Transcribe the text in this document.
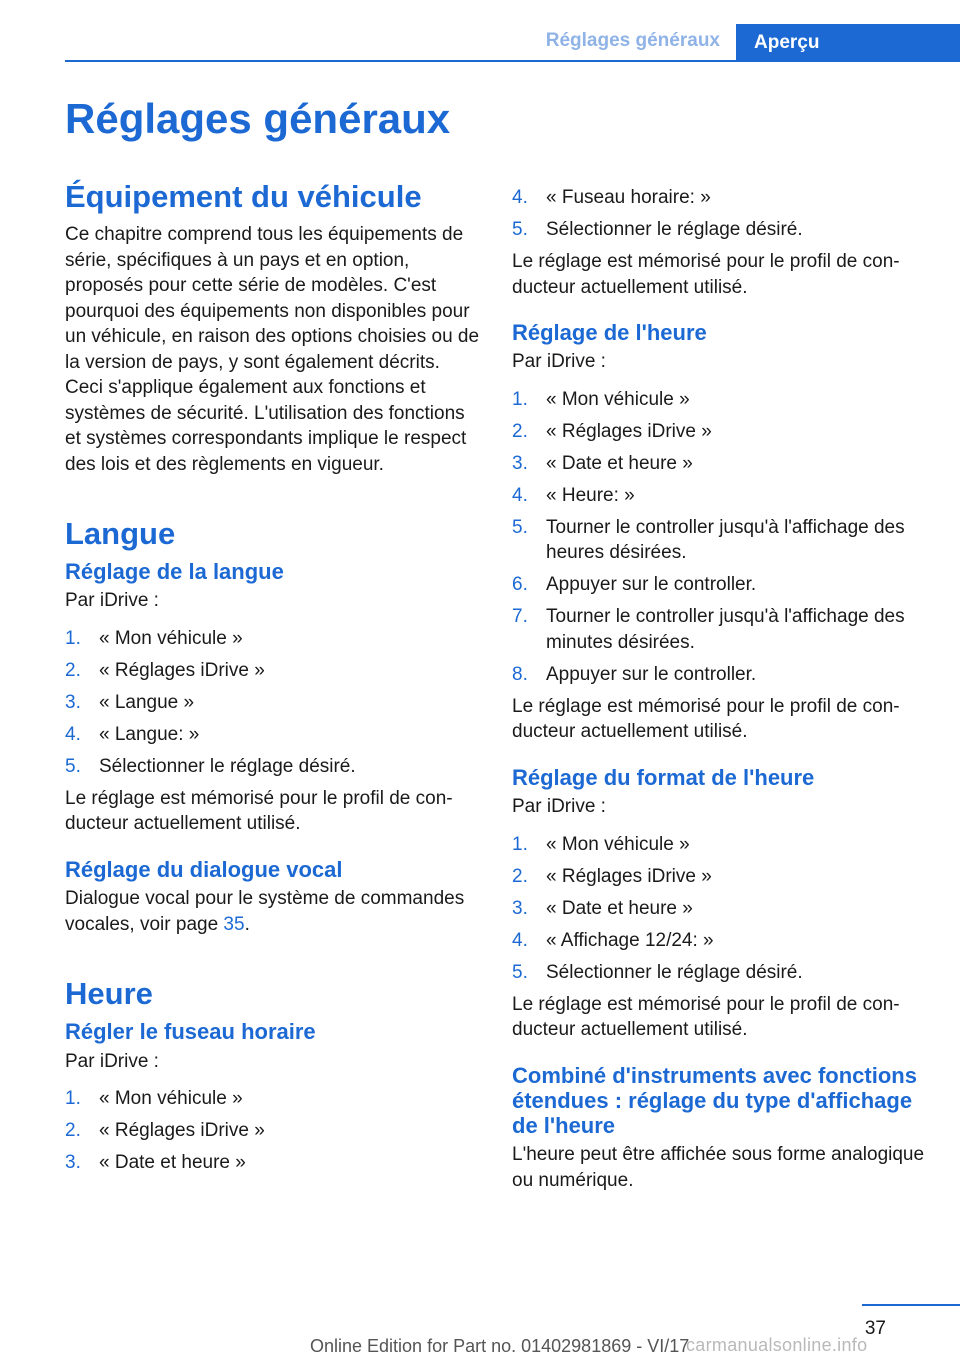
Réglages généraux	Aperçu
Réglages généraux
Équipement du véhicule

Ce chapitre comprend tous les équipements de série, spécifiques à un pays et en option, proposés pour cette série de modèles. C'est pourquoi des équipements non disponibles pour un véhicule, en raison des options choisies ou de la version de pays, y sont également décrits. Ceci s'applique également aux fonctions et systèmes de sécurité. L'utilisation des fonctions et systèmes correspondants implique le respect des lois et des règlements en vigueur.

Langue
Réglage de la langue

Par iDrive :

1. « Mon véhicule »
2. « Réglages iDrive »
3. « Langue »
4. « Langue: »
5. Sélectionner le réglage désiré.

Le réglage est mémorisé pour le profil de conducteur actuellement utilisé.

Réglage du dialogue vocal

Dialogue vocal pour le système de commandes vocales, voir page 35.

Heure
Régler le fuseau horaire

Par iDrive :

1. « Mon véhicule »
2. « Réglages iDrive »
3. « Date et heure »
4. « Fuseau horaire: »
5. Sélectionner le réglage désiré.

Le réglage est mémorisé pour le profil de conducteur actuellement utilisé.

Réglage de l'heure

Par iDrive :

1. « Mon véhicule »
2. « Réglages iDrive »
3. « Date et heure »
4. « Heure: »
5. Tourner le controller jusqu'à l'affichage des heures désirées.
6. Appuyer sur le controller.
7. Tourner le controller jusqu'à l'affichage des minutes désirées.
8. Appuyer sur le controller.

Le réglage est mémorisé pour le profil de conducteur actuellement utilisé.

Réglage du format de l'heure

Par iDrive :

1. « Mon véhicule »
2. « Réglages iDrive »
3. « Date et heure »
4. « Affichage 12/24: »
5. Sélectionner le réglage désiré.

Le réglage est mémorisé pour le profil de conducteur actuellement utilisé.

Combiné d'instruments avec fonctions étendues : réglage du type d'affichage de l'heure

L'heure peut être affichée sous forme analogique ou numérique.

37
Online Edition for Part no. 01402981869 - VI/17
carmanualsonline.info
